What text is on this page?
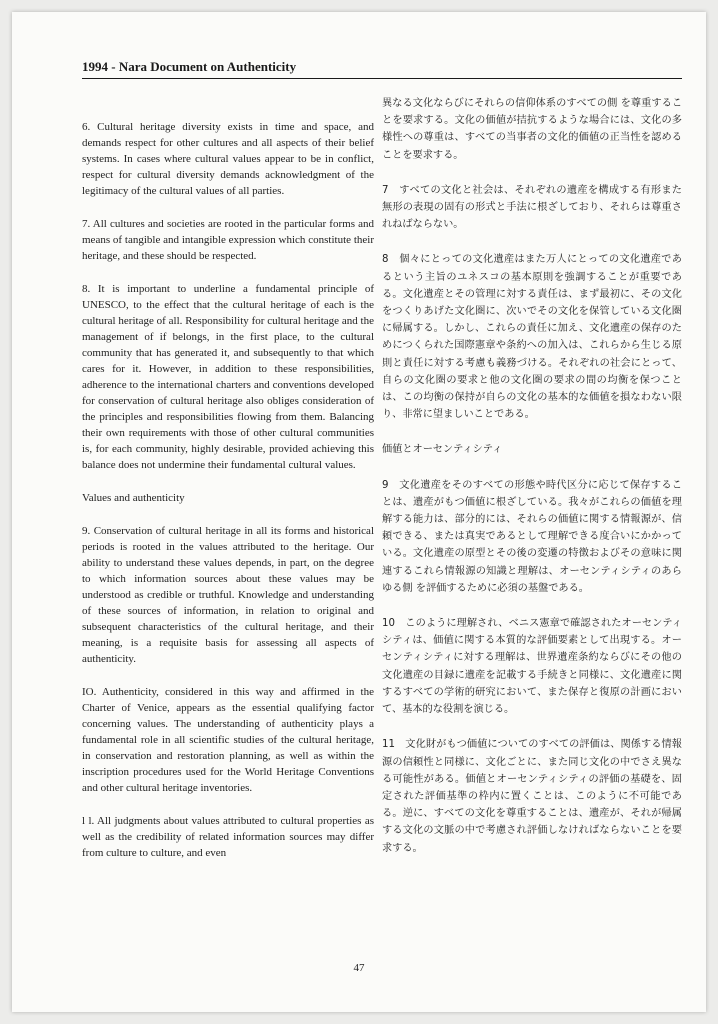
1994 - Nara Document on Authenticity

6. Cultural heritage diversity exists in time and space, and demands respect for other cultures and all aspects of their belief systems. In cases where cultural values appear to be in conflict, respect for cultural diversity demands acknowledgment of the legitimacy of the cultural values of all parties.

7. All cultures and societies are rooted in the particular forms and means of tangible and intangible expression which constitute their heritage, and these should be respected.

8. It is important to underline a fundamental principle of UNESCO, to the effect that the cultural heritage of each is the cultural heritage of all. Responsibility for cultural heritage and the management of if belongs, in the first place, to the cultural community that has generated it, and subsequently to that which cares for it. However, in addition to these responsibilities, adherence to the international charters and conventions developed for conservation of cultural heritage also obliges consideration of the principles and responsibilities flowing from them. Balancing their own requirements with those of other cultural communities is, for each community, highly desirable, provided achieving this balance does not undermine their fundamental cultural values.

Values and authenticity

9. Conservation of cultural heritage in all its forms and historical periods is rooted in the values attributed to the heritage. Our ability to understand these values depends, in part, on the degree to which information sources about these values may be understood as credible or truthful. Knowledge and understanding of these sources of information, in relation to original and subsequent characteristics of the cultural heritage, and their meaning, is a requisite basis for assessing all aspects of authenticity.

IO. Authenticity, considered in this way and affirmed in the Charter of Venice, appears as the essential qualifying factor concerning values. The understanding of authenticity plays a fundamental role in all scientific studies of the cultural heritage, in conservation and restoration planning, as well as within the inscription procedures used for the World Heritage Conventions and other cultural heritage inventories.

l l. All judgments about values attributed to cultural properties as well as the credibility of related information sources may differ from culture to culture, and even

異なる文化ならびにそれらの信仰体系のすべての側 を尊重することを要求する。文化の価値が拮抗するような場合には、文化の多様性への尊重は、すべての当事者の文化的価値の正当性を認めることを要求する。

7　すべての文化と社会は、それぞれの遺産を構成する有形また無形の表現の固有の形式と手法に根ざしており、それらは尊重されねばならない。

8　個々にとっての文化遺産はまた万人にとっての文化遺産であるという主旨のユネスコの基本原則を強調することが重要である。文化遺産とその管理に対する責任は、まず最初に、その文化をつくりあげた文化圏に、次いでその文化を保管している文化圏に帰属する。しかし、これらの責任に加え、文化遺産の保存のためにつくられた国際憲章や条約への加入は、これらから生じる原則と責任に対する考慮も義務づける。それぞれの社会にとって、自らの文化圏の要求と他の文化圏の要求の間の均衡を保つことは、この均衡の保持が自らの文化の基本的な価値を損なわない限り、非常に望ましいことである。

価値とオーセンティシティ

9　文化遺産をそのすべての形態や時代区分に応じて保存することは、遺産がもつ価値に根ざしている。我々がこれらの価値を理解する能力は、部分的には、それらの価値に関する情報源が、信頼できる、または真実であるとして理解できる度合いにかかっている。文化遺産の原型とその後の変遷の特徴およびその意味に関連するこれら情報源の知識と理解は、オーセンティシティのあらゆる側 を評価するために必須の基盤である。

10　このように理解され、ベニス憲章で確認されたオーセンティシティは、価値に関する本質的な評価要素として出現する。オーセンティシティに対する理解は、世界遺産条約ならびにその他の文化遺産の目録に遺産を記載する手続きと同様に、文化遺産に関するすべての学術的研究において、また保存と復原の計画において、基本的な役割を演じる。

11　文化財がもつ価値についてのすべての評価は、関係する情報源の信頼性と同様に、文化ごとに、また同じ文化の中でさえ異なる可能性がある。価値とオーセンティシティの評価の基礎を、固定された評価基準の枠内に置くことは、このように不可能である。逆に、すべての文化を尊重することは、遺産が、それが帰属する文化の文脈の中で考慮され評価しなければならないことを要求する。

47
